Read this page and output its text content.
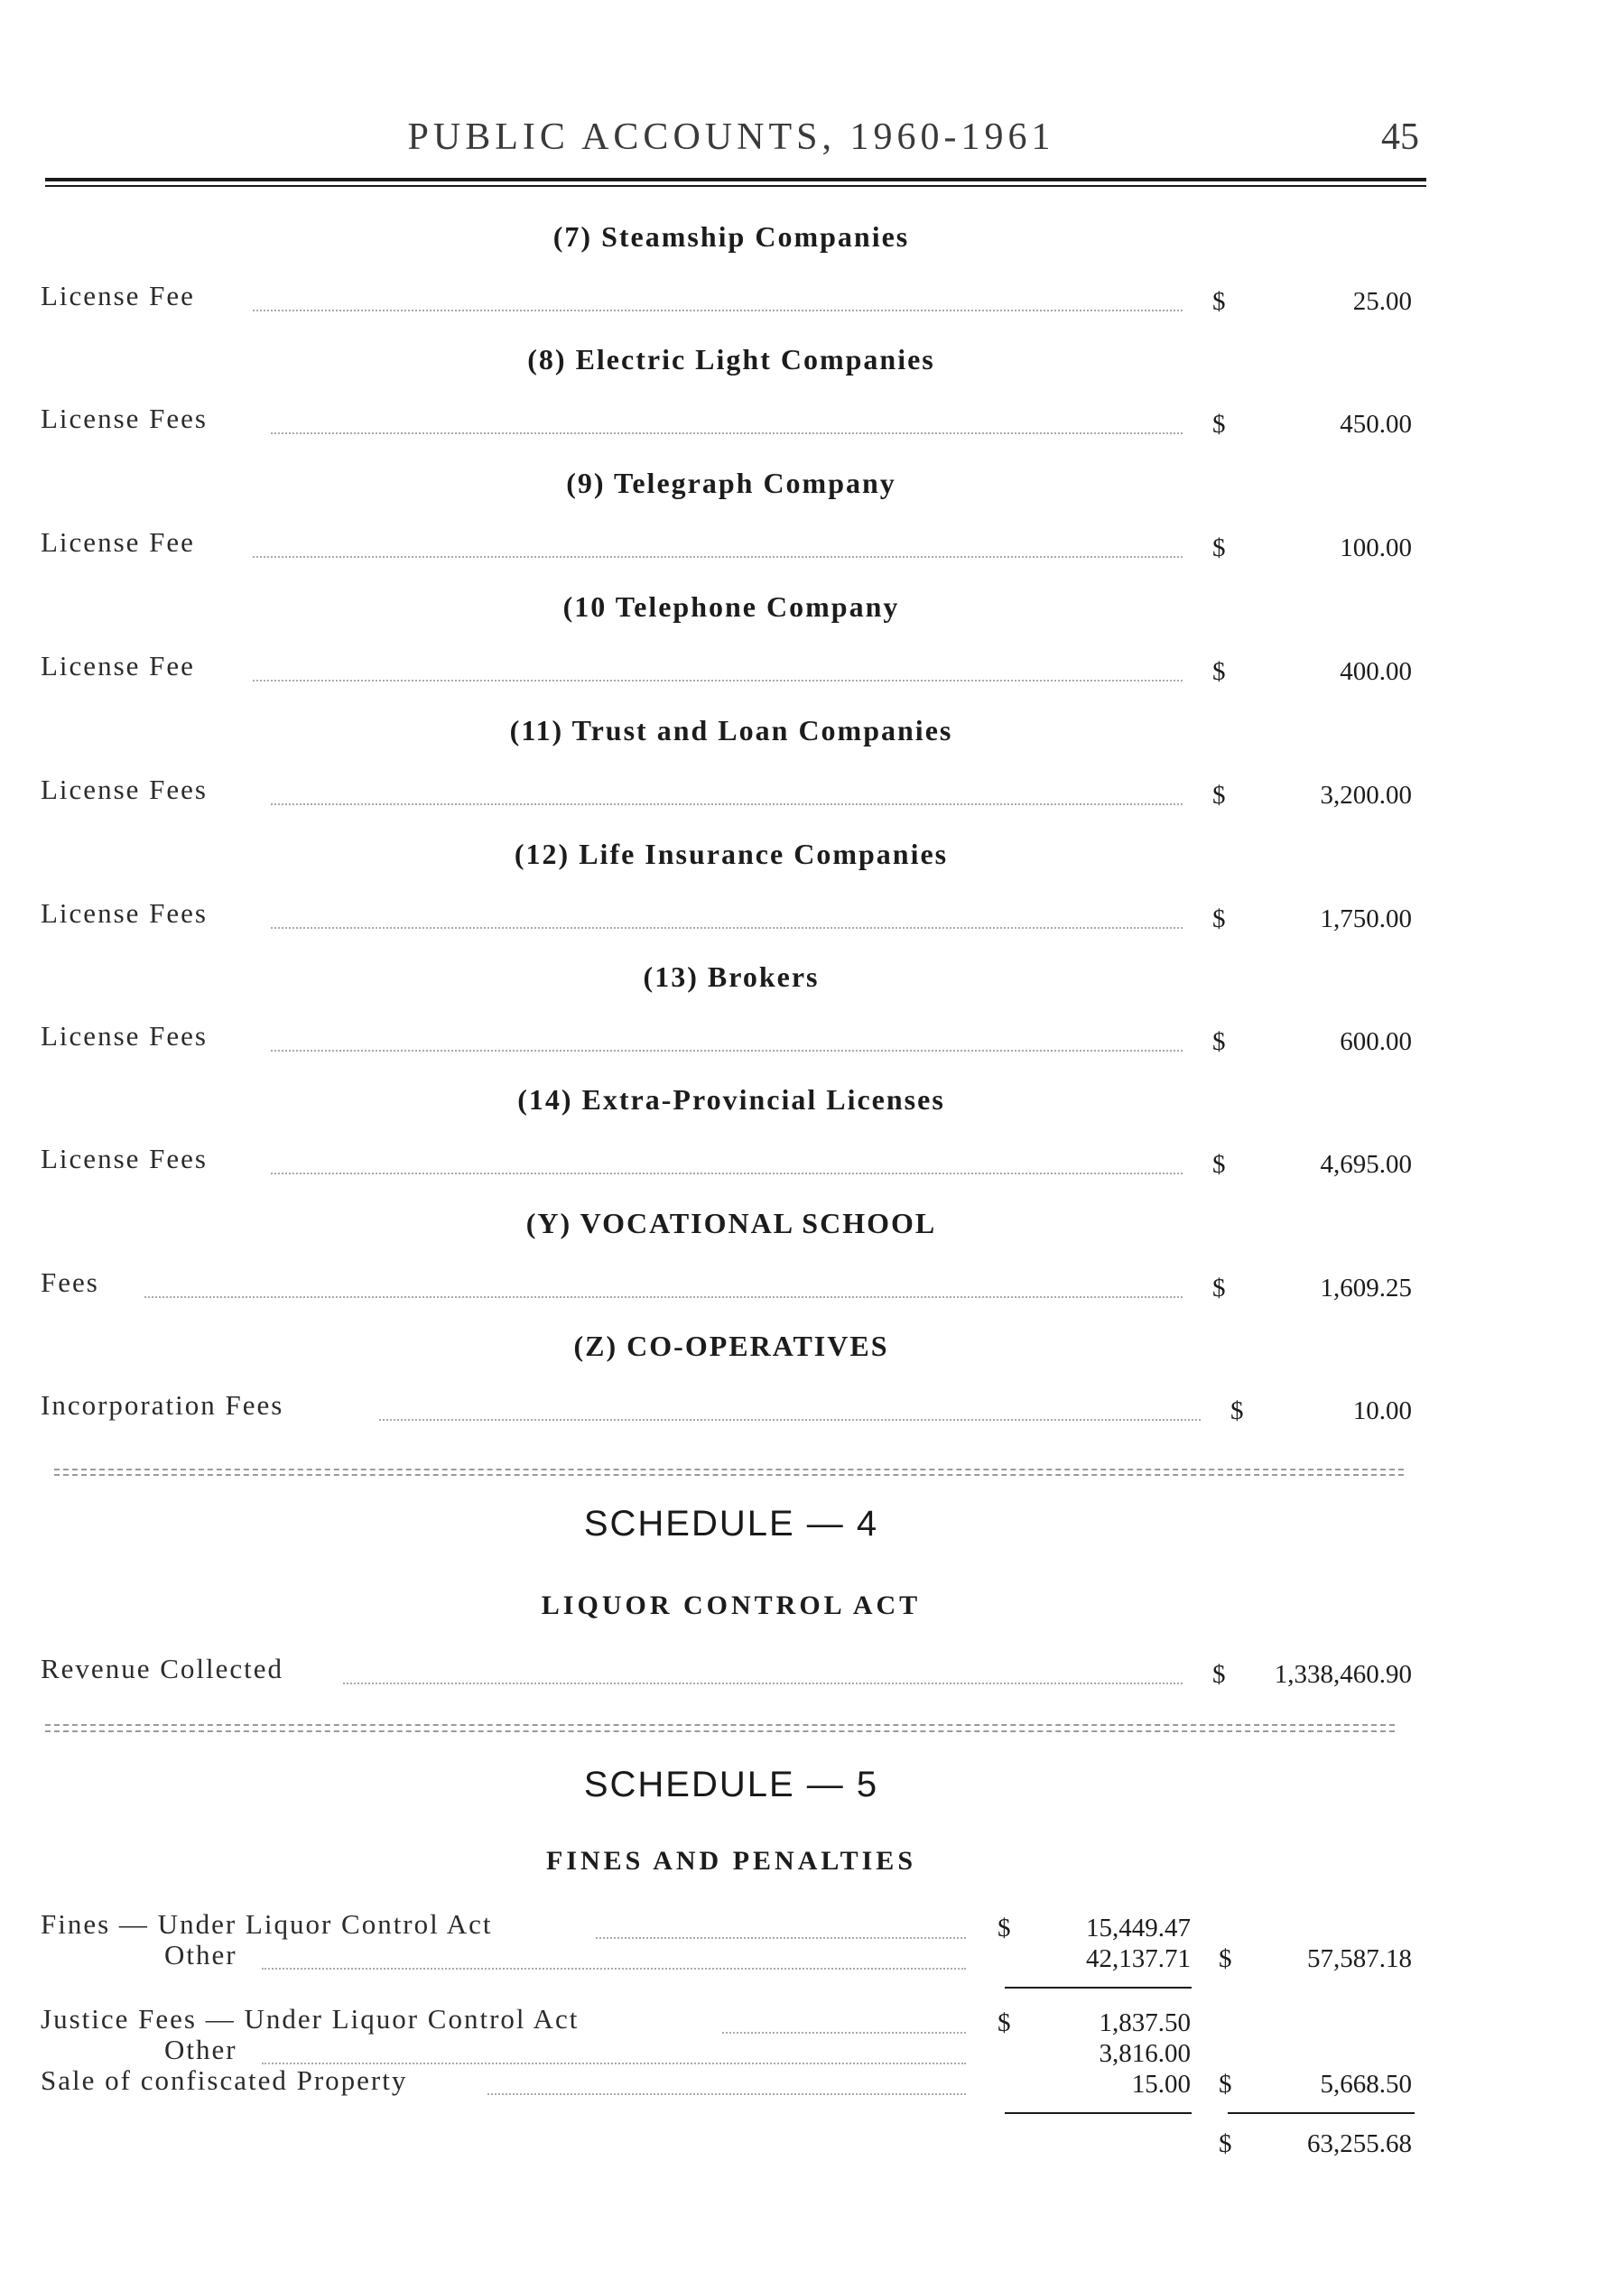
PUBLIC ACCOUNTS, 1960-1961	45
(7) Steamship Companies
License Fee	$	25.00
(8) Electric Light Companies
License Fees	$	450.00
(9) Telegraph Company
License Fee	$	100.00
(10 Telephone Company
License Fee	$	400.00
(11) Trust and Loan Companies
License Fees	$	3,200.00
(12) Life Insurance Companies
License Fees	$	1,750.00
(13) Brokers
License Fees	$	600.00
(14) Extra-Provincial Licenses
License Fees	$	4,695.00
(Y) VOCATIONAL SCHOOL
Fees	$	1,609.25
(Z) CO-OPERATIVES
Incorporation Fees	$	10.00
SCHEDULE — 4
LIQUOR CONTROL ACT
Revenue Collected	$ 1,338,460.90
SCHEDULE — 5
FINES AND PENALTIES
Fines — Under Liquor Control Act	$	15,449.47
Other	42,137.71 $	57,587.18
Justice Fees — Under Liquor Control Act	$	1,837.50
Other	3,816.00
Sale of confiscated Property	15.00 $	5,668.50
$	63,255.68
